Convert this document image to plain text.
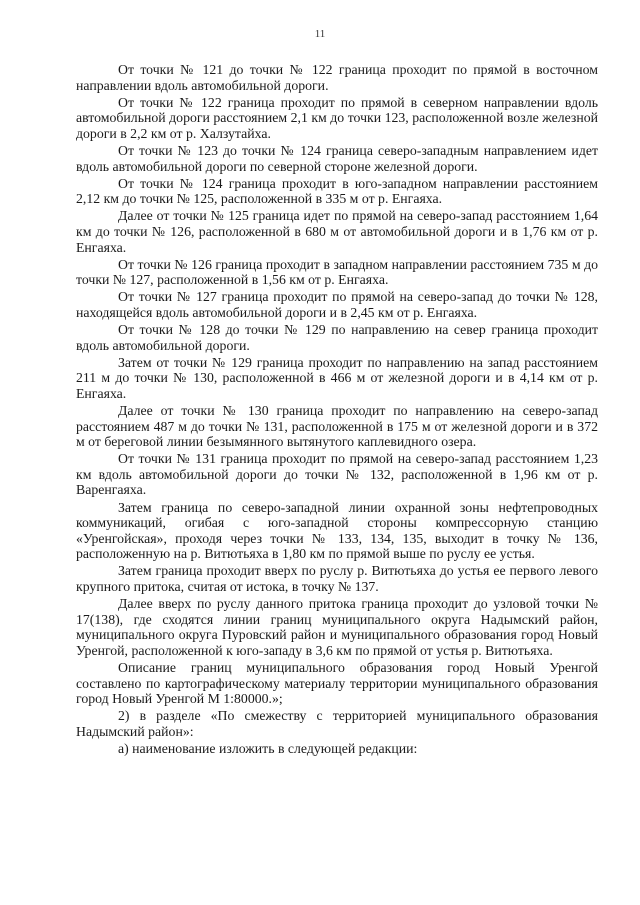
11

От точки № 121 до точки № 122 граница проходит по прямой в восточном направлении вдоль автомобильной дороги.

От точки № 122 граница проходит по прямой в северном направлении вдоль автомобильной дороги расстоянием 2,1 км до точки 123, расположенной возле железной дороги в 2,2 км от р. Халзутайха.

От точки № 123 до точки № 124 граница северо-западным направлением идет вдоль автомобильной дороги по северной стороне железной дороги.

От точки № 124 граница проходит в юго-западном направлении расстоянием 2,12 км до точки № 125, расположенной в 335 м от р. Енгаяха.

Далее от точки № 125 граница идет по прямой на северо-запад расстоянием 1,64 км до точки № 126, расположенной в 680 м от автомобильной дороги и в 1,76 км от р. Енгаяха.

От точки № 126 граница проходит в западном направлении расстоянием 735 м до точки № 127, расположенной в 1,56 км от р. Енгаяха.

От точки № 127 граница проходит по прямой на северо-запад до точки № 128, находящейся вдоль автомобильной дороги и в 2,45 км от р. Енгаяха.

От точки № 128 до точки № 129 по направлению на север граница проходит вдоль автомобильной дороги.

Затем от точки № 129 граница проходит по направлению на запад расстоянием 211 м до точки № 130, расположенной в 466 м от железной дороги и в 4,14 км от р. Енгаяха.

Далее от точки № 130 граница проходит по направлению на северо-запад расстоянием 487 м до точки № 131, расположенной в 175 м от железной дороги и в 372 м от береговой линии безымянного вытянутого каплевидного озера.

От точки № 131 граница проходит по прямой на северо-запад расстоянием 1,23 км вдоль автомобильной дороги до точки № 132, расположенной в 1,96 км от р. Варенгаяха.

Затем граница по северо-западной линии охранной зоны нефтепроводных коммуникаций, огибая с юго-западной стороны компрессорную станцию «Уренгойская», проходя через точки № 133, 134, 135, выходит в точку № 136, расположенную на р. Витютьяха в 1,80 км по прямой выше по руслу ее устья.

Затем граница проходит вверх по руслу р. Витютьяха до устья ее первого левого крупного притока, считая от истока, в точку № 137.

Далее вверх по руслу данного притока граница проходит до узловой точки № 17(138), где сходятся линии границ муниципального округа Надымский район, муниципального округа Пуровский район и муниципального образования город Новый Уренгой, расположенной к юго-западу в 3,6 км по прямой от устья р. Витютьяха.

Описание границ муниципального образования город Новый Уренгой составлено по картографическому материалу территории муниципального образования город Новый Уренгой М 1:80000.»;

2) в разделе «По смежеству с территорией муниципального образования Надымский район»:

а) наименование изложить в следующей редакции:
